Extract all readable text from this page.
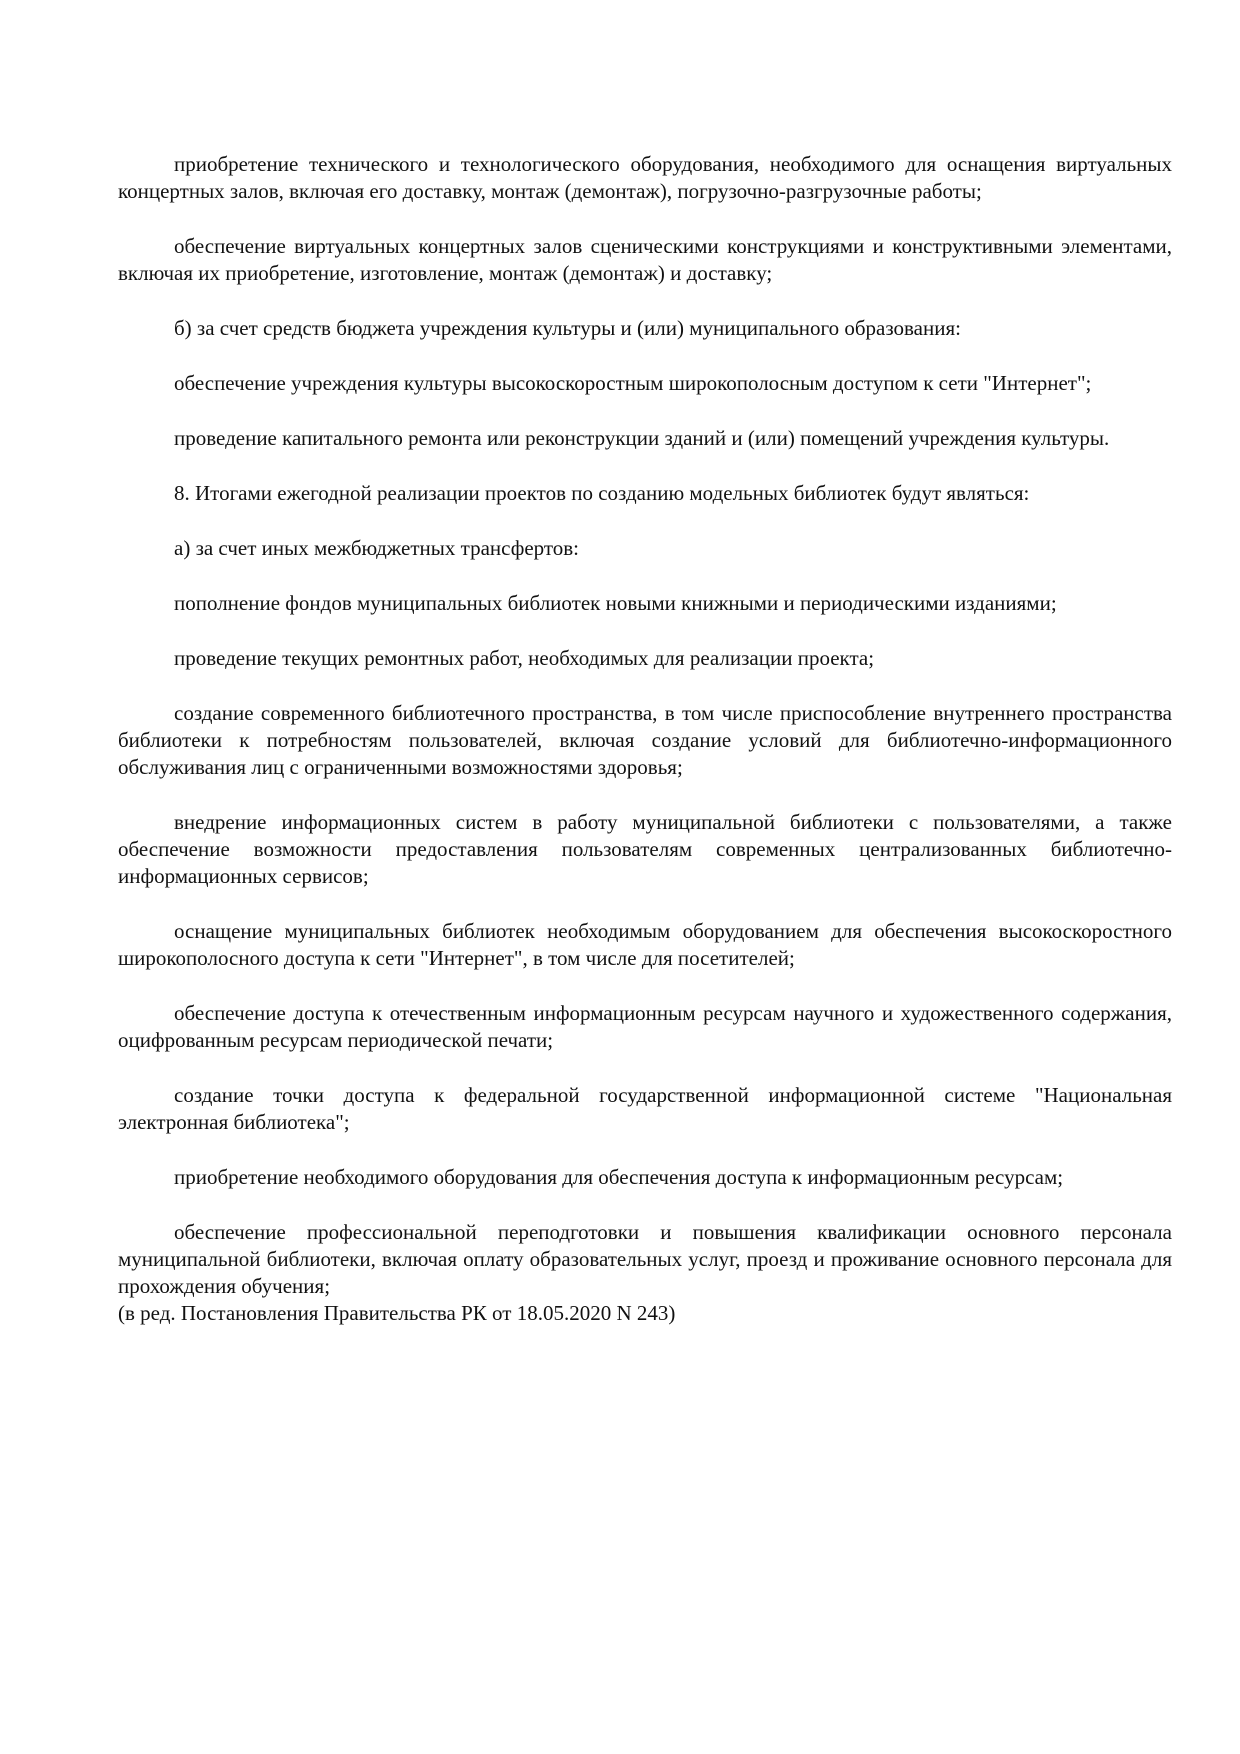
приобретение технического и технологического оборудования, необходимого для оснащения виртуальных концертных залов, включая его доставку, монтаж (демонтаж), погрузочно-разгрузочные работы;

обеспечение виртуальных концертных залов сценическими конструкциями и конструктивными элементами, включая их приобретение, изготовление, монтаж (демонтаж) и доставку;

б) за счет средств бюджета учреждения культуры и (или) муниципального образования:

обеспечение учреждения культуры высокоскоростным широкополосным доступом к сети "Интернет";

проведение капитального ремонта или реконструкции зданий и (или) помещений учреждения культуры.

8. Итогами ежегодной реализации проектов по созданию модельных библиотек будут являться:

а) за счет иных межбюджетных трансфертов:

пополнение фондов муниципальных библиотек новыми книжными и периодическими изданиями;

проведение текущих ремонтных работ, необходимых для реализации проекта;

создание современного библиотечного пространства, в том числе приспособление внутреннего пространства библиотеки к потребностям пользователей, включая создание условий для библиотечно-информационного обслуживания лиц с ограниченными возможностями здоровья;

внедрение информационных систем в работу муниципальной библиотеки с пользователями, а также обеспечение возможности предоставления пользователям современных централизованных библиотечно-информационных сервисов;

оснащение муниципальных библиотек необходимым оборудованием для обеспечения высокоскоростного широкополосного доступа к сети "Интернет", в том числе для посетителей;

обеспечение доступа к отечественным информационным ресурсам научного и художественного содержания, оцифрованным ресурсам периодической печати;

создание точки доступа к федеральной государственной информационной системе "Национальная электронная библиотека";

приобретение необходимого оборудования для обеспечения доступа к информационным ресурсам;

обеспечение профессиональной переподготовки и повышения квалификации основного персонала муниципальной библиотеки, включая оплату образовательных услуг, проезд и проживание основного персонала для прохождения обучения;

(в ред. Постановления Правительства РК от 18.05.2020 N 243)
